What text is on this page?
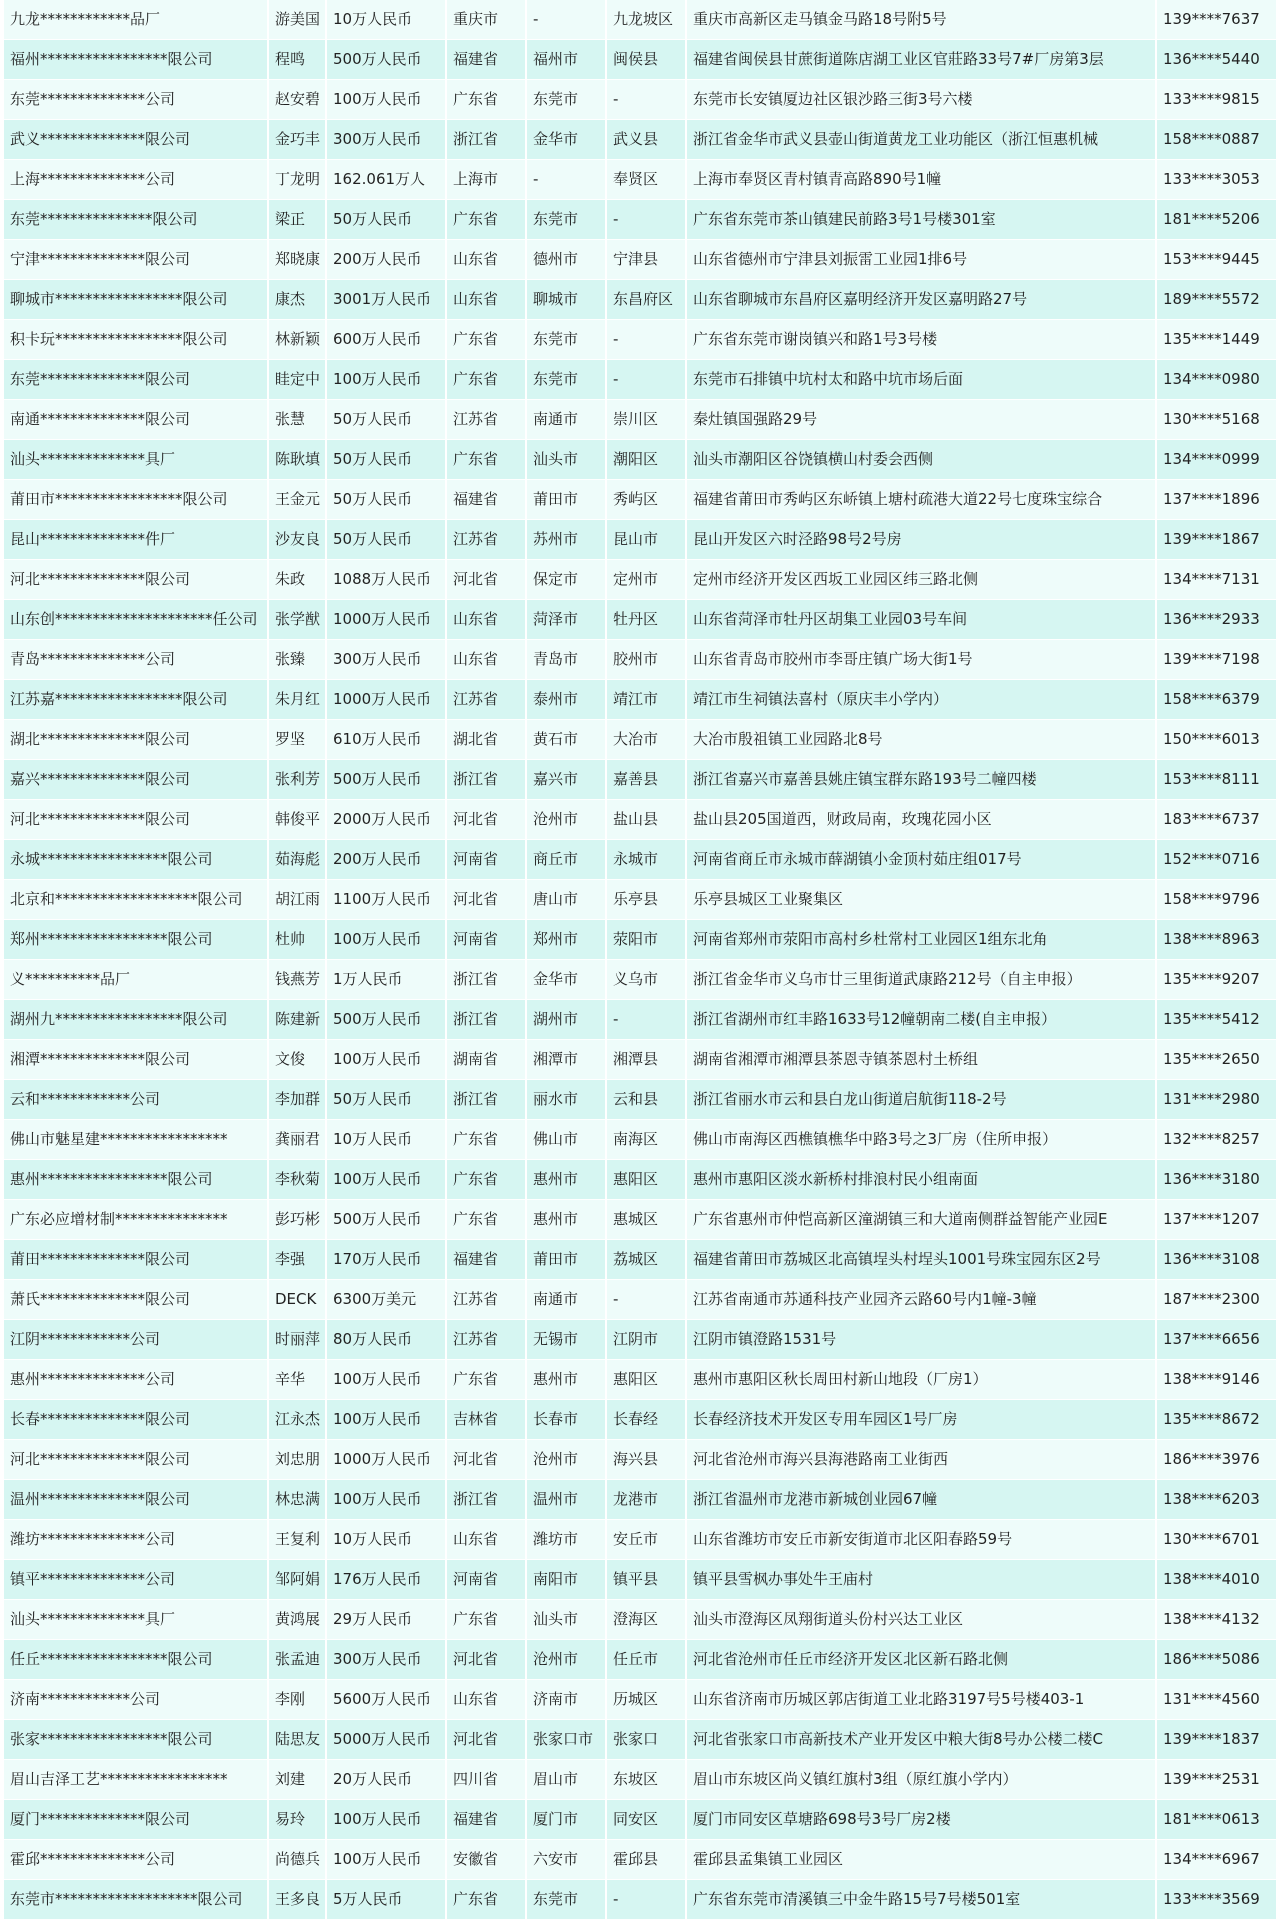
九龙************品厂	游美国	10万人民币	重庆市	-	九龙坡区	重庆市高新区走马镇金马路18号附5号	139****7637
福州*****************限公司	程鸣	500万人民币	福建省	福州市	闽侯县	福建省闽侯县甘蔗街道陈店湖工业区官莊路33号7#厂房第3层	136****5440
东莞**************公司	赵安碧	100万人民币	广东省	东莞市	-	东莞市长安镇厦边社区银沙路三街3号六楼	133****9815
武义**************限公司	金巧丰	300万人民币	浙江省	金华市	武义县	浙江省金华市武义县壶山街道黄龙工业功能区（浙江恒惠机械	158****0887
上海**************公司	丁龙明	162.061万人	上海市	-	奉贤区	上海市奉贤区青村镇青高路890号1幢	133****3053
东莞***************限公司	梁正	50万人民币	广东省	东莞市	-	广东省东莞市茶山镇建民前路3号1号楼301室	181****5206
宁津**************限公司	郑晓康	200万人民币	山东省	德州市	宁津县	山东省德州市宁津县刘振雷工业园1排6号	153****9445
聊城市*****************限公司	康杰	3001万人民币	山东省	聊城市	东昌府区	山东省聊城市东昌府区嘉明经济开发区嘉明路27号	189****5572
积卡玩*****************限公司	林新颖	600万人民币	广东省	东莞市	-	广东省东莞市谢岗镇兴和路1号3号楼	135****1449
东莞**************限公司	眭定中	100万人民币	广东省	东莞市	-	东莞市石排镇中坑村太和路中坑市场后面	134****0980
南通**************限公司	张慧	50万人民币	江苏省	南通市	崇川区	秦灶镇国强路29号	130****5168
汕头**************具厂	陈耿填	50万人民币	广东省	汕头市	潮阳区	汕头市潮阳区谷饶镇横山村委会西侧	134****0999
莆田市*****************限公司	王金元	50万人民币	福建省	莆田市	秀屿区	福建省莆田市秀屿区东峤镇上塘村疏港大道22号七度珠宝综合	137****1896
昆山**************件厂	沙友良	50万人民币	江苏省	苏州市	昆山市	昆山开发区六时泾路98号2号房	139****1867
河北**************限公司	朱政	1088万人民币	河北省	保定市	定州市	定州市经济开发区西坂工业园区纬三路北侧	134****7131
山东创*********************任公司	张学猷	1000万人民币	山东省	菏泽市	牡丹区	山东省菏泽市牡丹区胡集工业园03号车间	136****2933
青岛**************公司	张臻	300万人民币	山东省	青岛市	胶州市	山东省青岛市胶州市李哥庄镇广场大街1号	139****7198
江苏嘉*****************限公司	朱月红	1000万人民币	江苏省	泰州市	靖江市	靖江市生祠镇法喜村（原庆丰小学内）	158****6379
湖北**************限公司	罗坚	610万人民币	湖北省	黄石市	大冶市	大冶市殷祖镇工业园路北8号	150****6013
嘉兴**************限公司	张利芳	500万人民币	浙江省	嘉兴市	嘉善县	浙江省嘉兴市嘉善县姚庄镇宝群东路193号二幢四楼	153****8111
河北**************限公司	韩俊平	2000万人民币	河北省	沧州市	盐山县	盐山县205国道西，财政局南，玫瑰花园小区	183****6737
永城*****************限公司	茹海彪	200万人民币	河南省	商丘市	永城市	河南省商丘市永城市薛湖镇小金顶村茹庄组017号	152****0716
北京和*******************限公司	胡江雨	1100万人民币	河北省	唐山市	乐亭县	乐亭县城区工业聚集区	158****9796
郑州*****************限公司	杜帅	100万人民币	河南省	郑州市	荥阳市	河南省郑州市荥阳市高村乡杜常村工业园区1组东北角	138****8963
义**********品厂	钱燕芳	1万人民币	浙江省	金华市	义乌市	浙江省金华市义乌市廿三里街道武康路212号（自主申报）	135****9207
湖州九*****************限公司	陈建新	500万人民币	浙江省	湖州市	-	浙江省湖州市红丰路1633号12幢朝南二楼(自主申报）	135****5412
湘潭**************限公司	文俊	100万人民币	湖南省	湘潭市	湘潭县	湖南省湘潭市湘潭县茶恩寺镇茶恩村土桥组	135****2650
云和************公司	李加群	50万人民币	浙江省	丽水市	云和县	浙江省丽水市云和县白龙山街道启航街118-2号	131****2980
佛山市魅星建*****************	龚丽君	10万人民币	广东省	佛山市	南海区	佛山市南海区西樵镇樵华中路3号之3厂房（住所申报）	132****8257
惠州*****************限公司	李秋菊	100万人民币	广东省	惠州市	惠阳区	惠州市惠阳区淡水新桥村排浪村民小组南面	136****3180
广东必应增材制***************	彭巧彬	500万人民币	广东省	惠州市	惠城区	广东省惠州市仲恺高新区潼湖镇三和大道南侧群益智能产业园E	137****1207
莆田**************限公司	李强	170万人民币	福建省	莆田市	荔城区	福建省莆田市荔城区北高镇埕头村埕头1001号珠宝园东区2号	136****3108
萧氏**************限公司	DECK	6300万美元	江苏省	南通市	-	江苏省南通市苏通科技产业园齐云路60号内1幢-3幢	187****2300
江阴************公司	时丽萍	80万人民币	江苏省	无锡市	江阴市	江阴市镇澄路1531号	137****6656
惠州**************公司	辛华	100万人民币	广东省	惠州市	惠阳区	惠州市惠阳区秋长周田村新山地段（厂房1）	138****9146
长春**************限公司	江永杰	100万人民币	吉林省	长春市	长春经	长春经济技术开发区专用车园区1号厂房	135****8672
河北**************限公司	刘忠朋	1000万人民币	河北省	沧州市	海兴县	河北省沧州市海兴县海港路南工业街西	186****3976
温州**************限公司	林忠满	100万人民币	浙江省	温州市	龙港市	浙江省温州市龙港市新城创业园67幢	138****6203
潍坊**************公司	王复利	10万人民币	山东省	潍坊市	安丘市	山东省潍坊市安丘市新安街道市北区阳春路59号	130****6701
镇平**************公司	邹阿娟	176万人民币	河南省	南阳市	镇平县	镇平县雪枫办事处牛王庙村	138****4010
汕头**************具厂	黄鸿展	29万人民币	广东省	汕头市	澄海区	汕头市澄海区凤翔街道头份村兴达工业区	138****4132
任丘*****************限公司	张孟迪	300万人民币	河北省	沧州市	任丘市	河北省沧州市任丘市经济开发区北区新石路北侧	186****5086
济南************公司	李刚	5600万人民币	山东省	济南市	历城区	山东省济南市历城区郭店街道工业北路3197号5号楼403-1	131****4560
张家*****************限公司	陆思友	5000万人民币	河北省	张家口市	张家口	河北省张家口市高新技术产业开发区中粮大街8号办公楼二楼C	139****1837
眉山吉泽工艺*****************	刘建	20万人民币	四川省	眉山市	东坡区	眉山市东坡区尚义镇红旗村3组（原红旗小学内）	139****2531
厦门**************限公司	易玲	100万人民币	福建省	厦门市	同安区	厦门市同安区草塘路698号3号厂房2楼	181****0613
霍邱**************公司	尚德兵	100万人民币	安徽省	六安市	霍邱县	霍邱县孟集镇工业园区	134****6967
东莞市*******************限公司	王多良	5万人民币	广东省	东莞市	-	广东省东莞市清溪镇三中金牛路15号7号楼501室	133****3569
